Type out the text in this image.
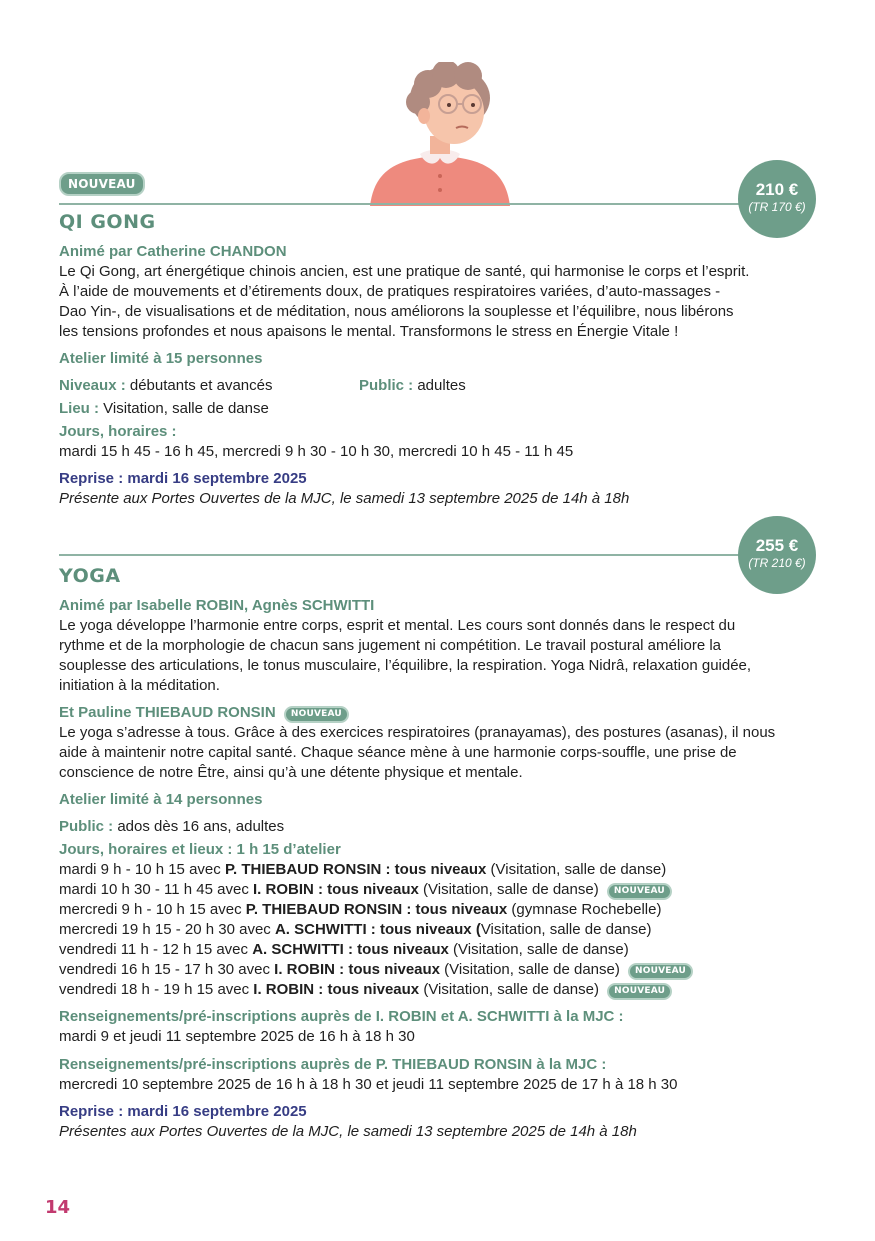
NOUVEAU
QI GONG
210 €
(TR 170 €)
Animé par Catherine CHANDON
Le Qi Gong, art énergétique chinois ancien, est une pratique de santé, qui harmonise le corps et l’esprit.
À l’aide de mouvements et d’étirements doux, de pratiques respiratoires variées, d’auto-massages -
Dao Yin-, de visualisations et de méditation, nous améliorons la souplesse et l’équilibre, nous libérons
les tensions profondes et nous apaisons le mental. Transformons le stress en Énergie Vitale !
Atelier limité à 15 personnes
Niveaux : débutants et avancés	Public : adultes
Lieu : Visitation, salle de danse
Jours, horaires :
mardi 15 h 45 - 16 h 45, mercredi 9 h 30 - 10 h 30, mercredi 10 h 45 - 11 h 45
Reprise : mardi 16 septembre 2025
Présente aux Portes Ouvertes de la MJC, le samedi 13 septembre 2025 de 14h à 18h
YOGA
255 €
(TR 210 €)
Animé par Isabelle ROBIN, Agnès SCHWITTI
Le yoga développe l’harmonie entre corps, esprit et mental. Les cours sont donnés dans le respect du
rythme et de la morphologie de chacun sans jugement ni compétition. Le travail postural améliore la
souplesse des articulations, le tonus musculaire, l’équilibre, la respiration. Yoga Nidrâ, relaxation guidée,
initiation à la méditation.
Et Pauline THIEBAUD RONSIN NOUVEAU
Le yoga s’adresse à tous. Grâce à des exercices respiratoires (pranayamas), des postures (asanas), il nous
aide à maintenir notre capital santé. Chaque séance mène à une harmonie corps-souffle, une prise de
conscience de notre Être, ainsi qu’à une détente physique et mentale.
Atelier limité à 14 personnes
Public : ados dès 16 ans, adultes
Jours, horaires et lieux : 1 h 15 d’atelier
mardi 9 h - 10 h 15 avec P. THIEBAUD RONSIN : tous niveaux (Visitation, salle de danse)
mardi 10 h 30 - 11 h 45 avec I. ROBIN : tous niveaux (Visitation, salle de danse) NOUVEAU
mercredi 9 h - 10 h 15 avec P. THIEBAUD RONSIN : tous niveaux (gymnase Rochebelle)
mercredi 19 h 15 - 20 h 30 avec A. SCHWITTI : tous niveaux (Visitation, salle de danse)
vendredi 11 h - 12 h 15 avec A. SCHWITTI : tous niveaux (Visitation, salle de danse)
vendredi 16 h 15 - 17 h 30 avec I. ROBIN : tous niveaux (Visitation, salle de danse) NOUVEAU
vendredi 18 h - 19 h 15 avec I. ROBIN : tous niveaux (Visitation, salle de danse) NOUVEAU
Renseignements/pré-inscriptions auprès de I. ROBIN et A. SCHWITTI à la MJC :
mardi 9 et jeudi 11 septembre 2025 de 16 h à 18 h 30
Renseignements/pré-inscriptions auprès de P. THIEBAUD RONSIN à la MJC :
mercredi 10 septembre 2025 de 16 h à 18 h 30 et jeudi 11 septembre 2025 de 17 h à 18 h 30
Reprise : mardi 16 septembre 2025
Présentes aux Portes Ouvertes de la MJC, le samedi 13 septembre 2025 de 14h à 18h
14
